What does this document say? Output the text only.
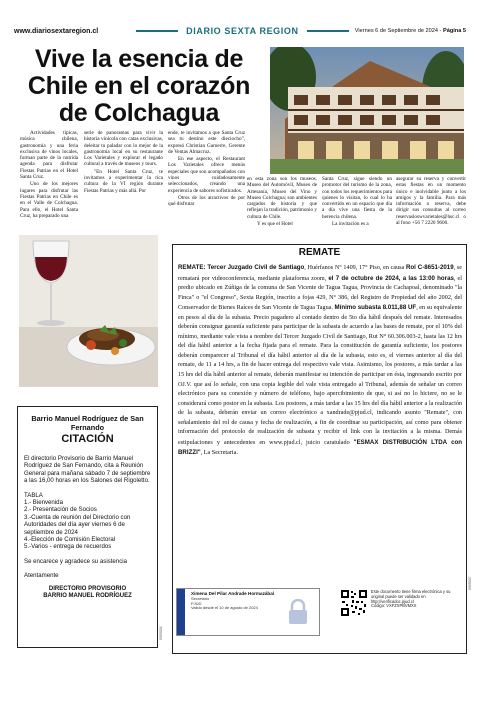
www.diariosextaregion.cl	DIARIO SEXTA REGION	Viernes 6 de Septiembre de 2024 - Página 5
Vive la esencia de Chile en el corazón de Colchagua

Actividades típicas, música chilena, gastronomía y una feria exclusiva de vinos locales, forman parte de la nutrida agenda para disfrutar Fiestas Patrias en el Hotel Santa Cruz.

Uno de los mejores lugares para disfrutar las Fiestas Patrias en Chile es en el Valle de Colchagua. Para ello, el Hotel Santa Cruz, ha preparado una

serie de panoramas para vivir la historia vinícola con catas exclusivas, deleitar tu paladar con lo mejor de la gastronomía local en su restaurante Los Varietales y explorar el legado cultural a través de museos y tours.

"En Hotel Santa Cruz, te invitamos a experimentar la rica cultura de la VI región durante Fiestas Patrias y más allá. Por

ende, te invitamos a que Santa Cruz sea tu destino este dieciocho", expresó Christian Garnerre, Gerente de Ventas Almacruz.

En ese aspecto, el Restaurant Los Varietales ofrece menús especiales que son acompañados con vinos cuidadosamente seleccionados, creando una experiencia de sabores sofisticados.

Otros de los atractivos de por qué disfrutar

en esta zona son los museos. Museo del Automóvil, Museo de Artesanía, Museo del Vino y Museo Colchagua; son ambientes cargados de historia y que reflejan la tradición, patrimonio y cultura de Chile.

Y es que el Hotel

Santa Cruz, sigue siendo un promotor del turismo de la zona, con todos los requerimientos para quienes lo visitan, lo cual lo ha convertido en un espacio que día a día vive una fiesta de la herencia chilena.

La invitación es a

asegurar su reserva y convertir estas fiestas en un momento único e inolvidable junto a los amigos y la familia. Para más información o reserva, debe dirigir sus consultas al correo reservasloswvarietales@hsc.cl o al fono +56 7 2220 9600.

Barrio Manuel Rodríguez de San Fernando
CITACIÓN
El directorio Provisorio de Barrio Manuel Rodríguez de San Fernando, cita a Reunión General para mañana sábado 7 de septiembre a las 16,00 horas en los Salones del Rigoletto.
TABLA
1.- Bienvenida
2.- Presentación de Socios
3.-Cuenta de reunión del Directorio con Autoridades del día ayer viernes 6 de septiembre de 2024
4.-Elección de Comisión Electoral
5.-Varios - entrega de recuerdos
Se encarece y agradece su asistencia
Atentamente
DIRECTORIO PROVISORIO
BARRIO MANUEL RODRÍGUEZ
0905004
REMATE
REMATE: Tercer Juzgado Civil de Santiago, Huérfanos N° 1409, 17° Piso, en causa Rol C-8651-2019, se rematará por videoconferencia, mediante plataforma zoom, el 7 de octubre de 2024, a las 13:00 horas, el predio ubicado en Zúñiga de la comuna de San Vicente de Tagua Tagua, Provincia de Cachapoal, denominado "la Finca" o "el Congreso", Sexta Región, inscrito a fojas 429, N° 386, del Registro de Propiedad del año 2002, del Conservador de Bienes Raíces de San Vicente de Tagua Tagua. Mínimo subasta 8.011,88 UF, en su equivalente en pesos al día de la subasta. Precio pagadero al contado dentro de 5to día hábil después del remate. Interesados deberán consignar garantía suficiente para participar de la subasta de acuerdo a las bases de remate, por el 10% del mínimo, mediante vale vista a nombre del Tercer Juzgado Civil de Santiago, Rut N° 60.306.003-2, hasta las 12 hrs del día hábil anterior a la fecha fijada para el remate. Para la constitución de garantía suficiente, los postores deberán comparecer al Tribunal el día hábil anterior al día de la subasta, esto es, el viernes anterior al día del remate, de 11 a 14 hrs, a fin de hacer entrega del respectivo vale vista. Asimismo, los postores, a más tardar a las 15 hrs del día hábil anterior al remate, deberán manifestar su intención de participar en ésta, ingresando escrito por OJ.V. que así lo señale, con una copia legible del vale vista entregado al Tribunal, además de señalar un correo electrónico para su conexión y número de teléfono, bajo apercibimiento de que, si así no lo hiciere, no se le considerará como postor en la subasta. Los postores, a más tardar a las 15 hrs del día hábil anterior a la realización de la subasta, deberán enviar un correo electrónico a xandrade@pjud.cl, indicando asunto "Remate", con señalamiento del rol de causa y fecha de realización, a fin de coordinar su participación, así como para obtener información del protocolo de realización de subasta y recibir el link con la invitación a la misma. Demás estipulaciones y antecedentes en www.pjud.cl, juicio caratulado "ESMAX DISTRIBUCIÓN LTDA con BRIZZI", La Secretaria.
0905007
Ximena Del Pilar Andrade Hormazábal
Secretario
PJUD
Valido desde el 10 de agosto de 2024
Este documento tiene firma electrónica y su original puede ser validado en http://verificadoc.pjud.cl
Código: VXFZXPBVMXX
